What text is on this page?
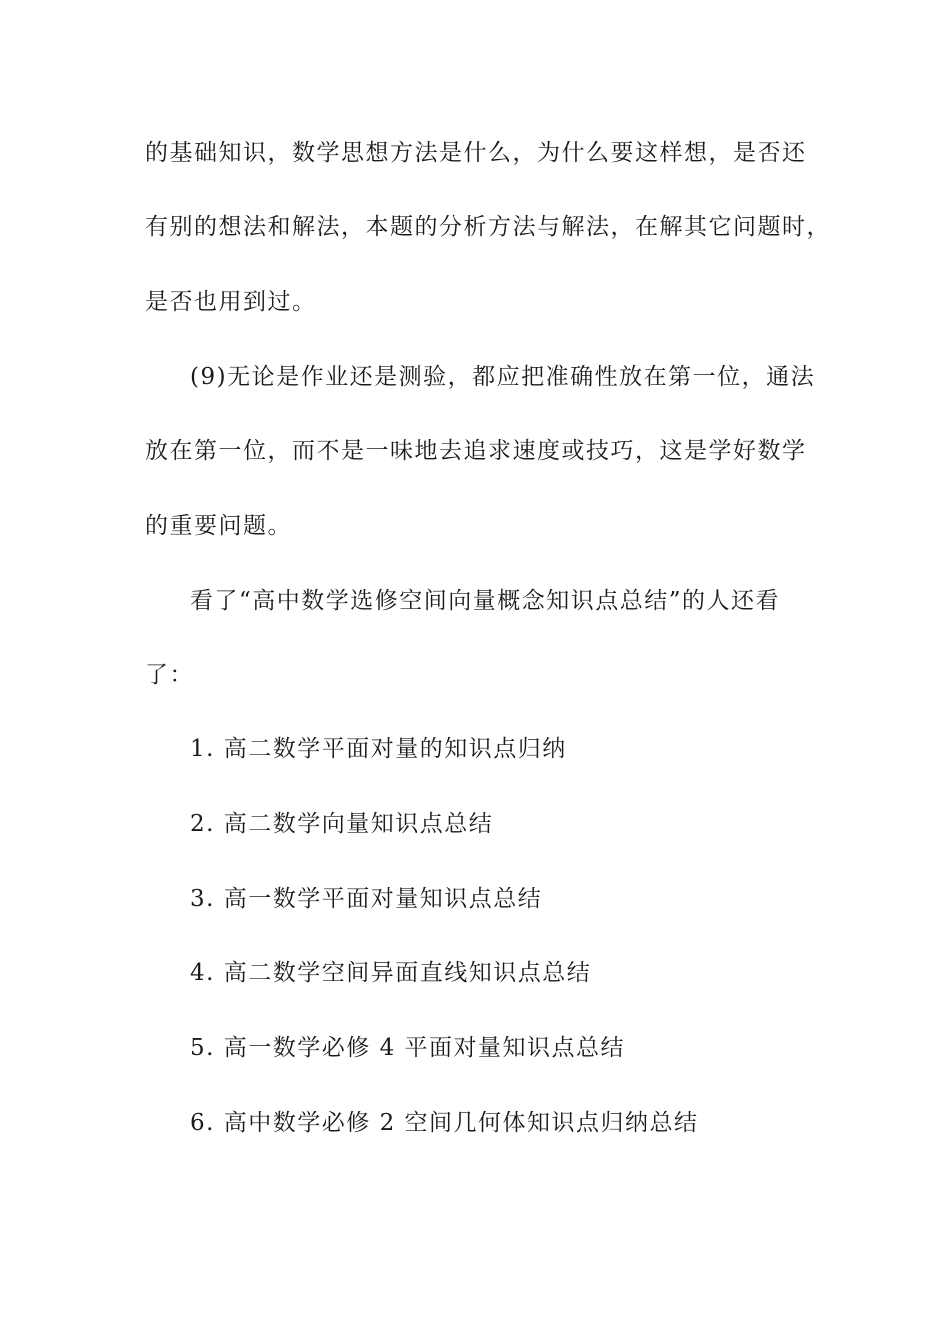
的基础知识，数学思想方法是什么，为什么要这样想，是否还
有别的想法和解法，本题的分析方法与解法，在解其它问题时，
是否也用到过。
(9)无论是作业还是测验，都应把准确性放在第一位，通法
放在第一位，而不是一味地去追求速度或技巧，这是学好数学
的重要问题。
看了“高中数学选修空间向量概念知识点总结”的人还看
了：
1. 高二数学平面对量的知识点归纳
2. 高二数学向量知识点总结
3. 高一数学平面对量知识点总结
4. 高二数学空间异面直线知识点总结
5. 高一数学必修 4 平面对量知识点总结
6. 高中数学必修 2 空间几何体知识点归纳总结
